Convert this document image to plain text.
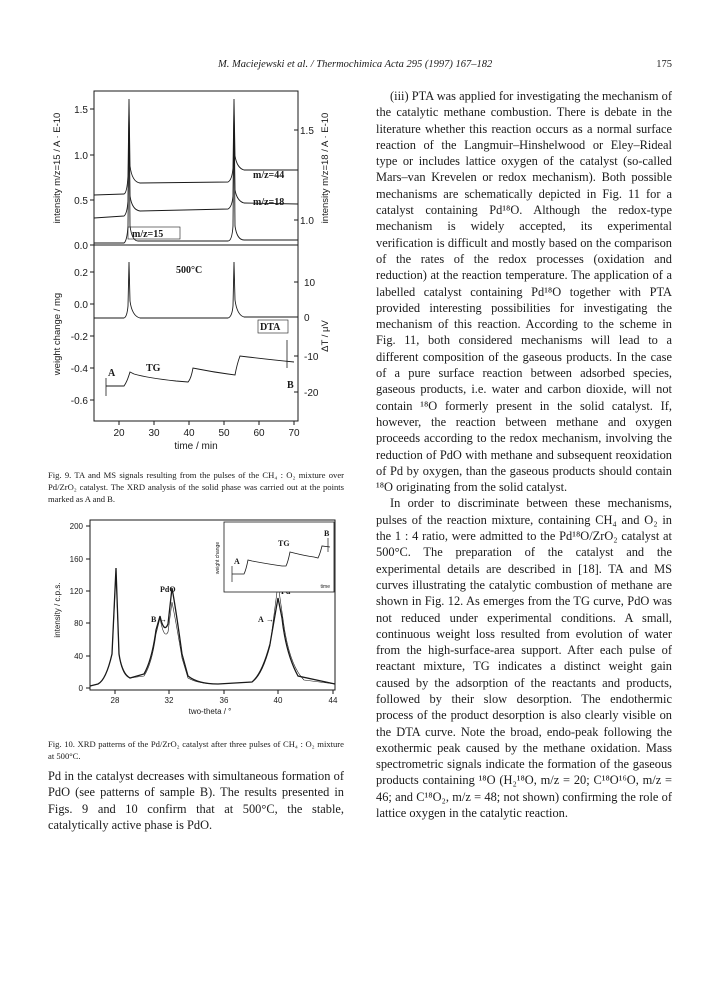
M. Maciejewski et al. / Thermochimica Acta 295 (1997) 167–182	175
1.5
1.0
0.5
0.0
intensity m/z=15 / A · E-10	1.5
1.0 intensity m/z=18 / A · E-10
0.2
0.0
-0.2
-0.4
-0.6
weight change / mg
10
0
-10
-20
ΔT / μV
20 30 40 50 60 70
time / min
m/z=44
m/z=18
m/z=15
500°C
DTA
TG
A
B
Fig. 9. TA and MS signals resulting from the pulses of the CH₄ : O₂ mixture over Pd/ZrO₂ catalyst. The XRD analysis of the solid phase was carried out at the points marked as A and B.
200
160
120
80
40
0
intensity / c.p.s.
28	32	36	40	44
two-theta / °
PdO
B →	A →
weight change
time
TG
A
B
Fig. 10. XRD patterns of the Pd/ZrO₂ catalyst after three pulses of CH₄ : O₂ mixture at 500°C.

Pd in the catalyst decreases with simultaneous formation of PdO (see patterns of sample B). The results presented in Figs. 9 and 10 confirm that at 500°C, the stable, catalytically active phase is PdO.

(iii) PTA was applied for investigating the mechanism of the catalytic methane combustion. There is debate in the literature whether this reaction occurs as a normal surface reaction of the Langmuir–Hinshelwood or Eley–Rideal type or includes lattice oxygen of the catalyst (so-called Mars–van Krevelen or redox mechanism). Both possible mechanisms are schematically depicted in Fig. 11 for a catalyst containing Pd¹⁸O. Although the redox-type mechanism is widely accepted, its experimental verification is difficult and mostly based on the comparison of the rates of the redox processes (oxidation and reduction) at the reaction temperature. The application of a labelled catalyst containing Pd¹⁸O together with PTA provided interesting possibilities for investigating the mechanism of this reaction. According to the scheme in Fig. 11, both considered mechanisms will lead to a different composition of the gaseous products. In the case of a pure surface reaction between adsorbed species, gaseous products, i.e. water and carbon dioxide, will not contain ¹⁸O formerly present in the solid catalyst. If, however, the reaction between methane and oxygen proceeds according to the redox mechanism, involving the reduction of PdO with methane and subsequent reoxidation of Pd by oxygen, than the gaseous products should contain ¹⁸O originating from the solid catalyst.

In order to discriminate between these mechanisms, pulses of the reaction mixture, containing CH₄ and O₂ in the 1 : 4 ratio, were admitted to the Pd¹⁸O/ZrO₂ catalyst at 500°C. The preparation of the catalyst and the experimental details are described in [18]. TA and MS curves illustrating the catalytic combustion of methane are shown in Fig. 12. As emerges from the TG curve, PdO was not reduced under experimental conditions. A small, continuous weight loss resulted from evolution of water from the high-surface-area support. After each pulse of reactant mixture, TG indicates a distinct weight gain caused by the adsorption of the reactants and products, followed by their slow desorption. The endothermic process of the product desorption is also clearly visible on the DTA curve. Note the broad, endo-peak following the exothermic peak caused by the methane oxidation. Mass spectrometric signals indicate the formation of the gaseous products containing ¹⁸O (H₂¹⁸O, m/z = 20; C¹⁸O¹⁶O, m/z = 46; and C¹⁸O₂, m/z = 48; not shown) confirming the role of lattice oxygen in the catalytic reaction.
